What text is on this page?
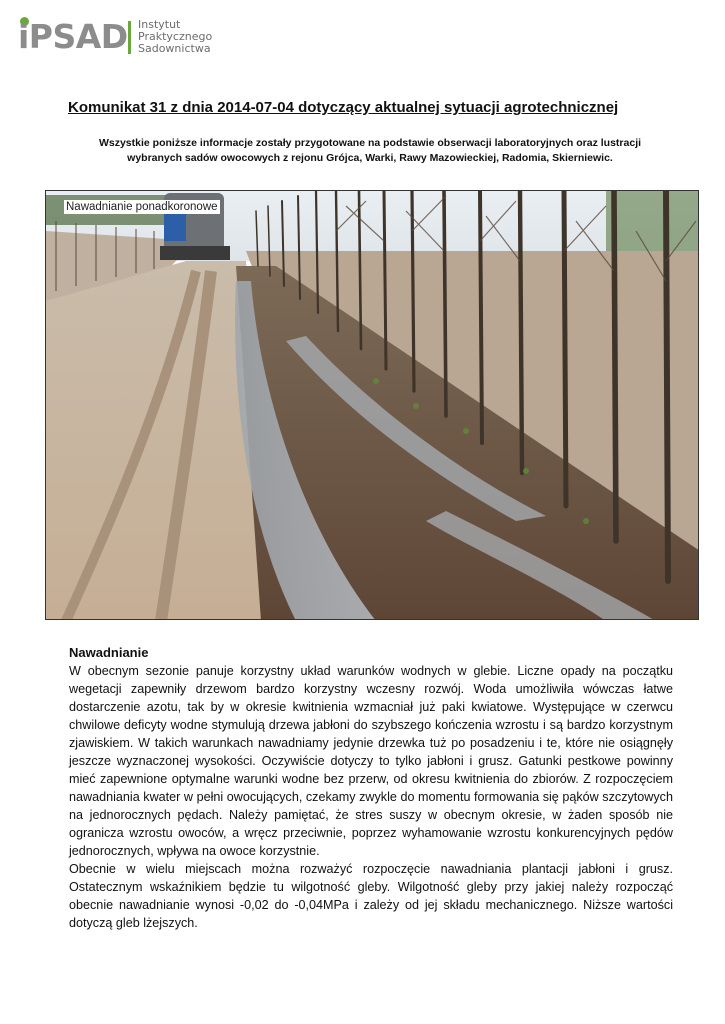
iPSAD Instytut
Praktycznego
Sadownictwa
Komunikat 31 z dnia 2014-07-04 dotyczący aktualnej sytuacji agrotechnicznej
Wszystkie poniższe informacje zostały przygotowane na podstawie obserwacji laboratoryjnych oraz lustracji wybranych sadów owocowych z rejonu Grójca, Warki, Rawy Mazowieckiej, Radomia, Skierniewic.
Nawadnianie ponadkoronowe
Nawadnianie

W obecnym sezonie panuje korzystny układ warunków wodnych w glebie. Liczne opady na początku wegetacji zapewniły drzewom bardzo korzystny wczesny rozwój. Woda umożliwiła wówczas łatwe dostarczenie azotu, tak by w okresie kwitnienia wzmacniał już paki kwiatowe. Występujące w czerwcu chwilowe deficyty wodne stymulują drzewa jabłoni do szybszego kończenia wzrostu i są bardzo korzystnym zjawiskiem. W takich warunkach nawadniamy jedynie drzewka tuż po posadzeniu i te, które nie osiągnęły jeszcze wyznaczonej wysokości. Oczywiście dotyczy to tylko jabłoni i grusz. Gatunki pestkowe powinny mieć zapewnione optymalne warunki wodne bez przerw, od okresu kwitnienia do zbiorów. Z rozpoczęciem nawadniania kwater w pełni owocujących, czekamy zwykle do momentu formowania się pąków szczytowych na jednorocznych pędach. Należy pamiętać, że stres suszy w obecnym okresie, w żaden sposób nie ogranicza wzrostu owoców, a wręcz przeciwnie, poprzez wyhamowanie wzrostu konkurencyjnych pędów jednorocznych, wpływa na owoce korzystnie.

Obecnie w wielu miejscach można rozważyć rozpoczęcie nawadniania plantacji jabłoni i grusz. Ostatecznym wskaźnikiem będzie tu wilgotność gleby. Wilgotność gleby przy jakiej należy rozpocząć obecnie nawadnianie wynosi -0,02 do -0,04MPa i zależy od jej składu mechanicznego. Niższe wartości dotyczą gleb lżejszych.
